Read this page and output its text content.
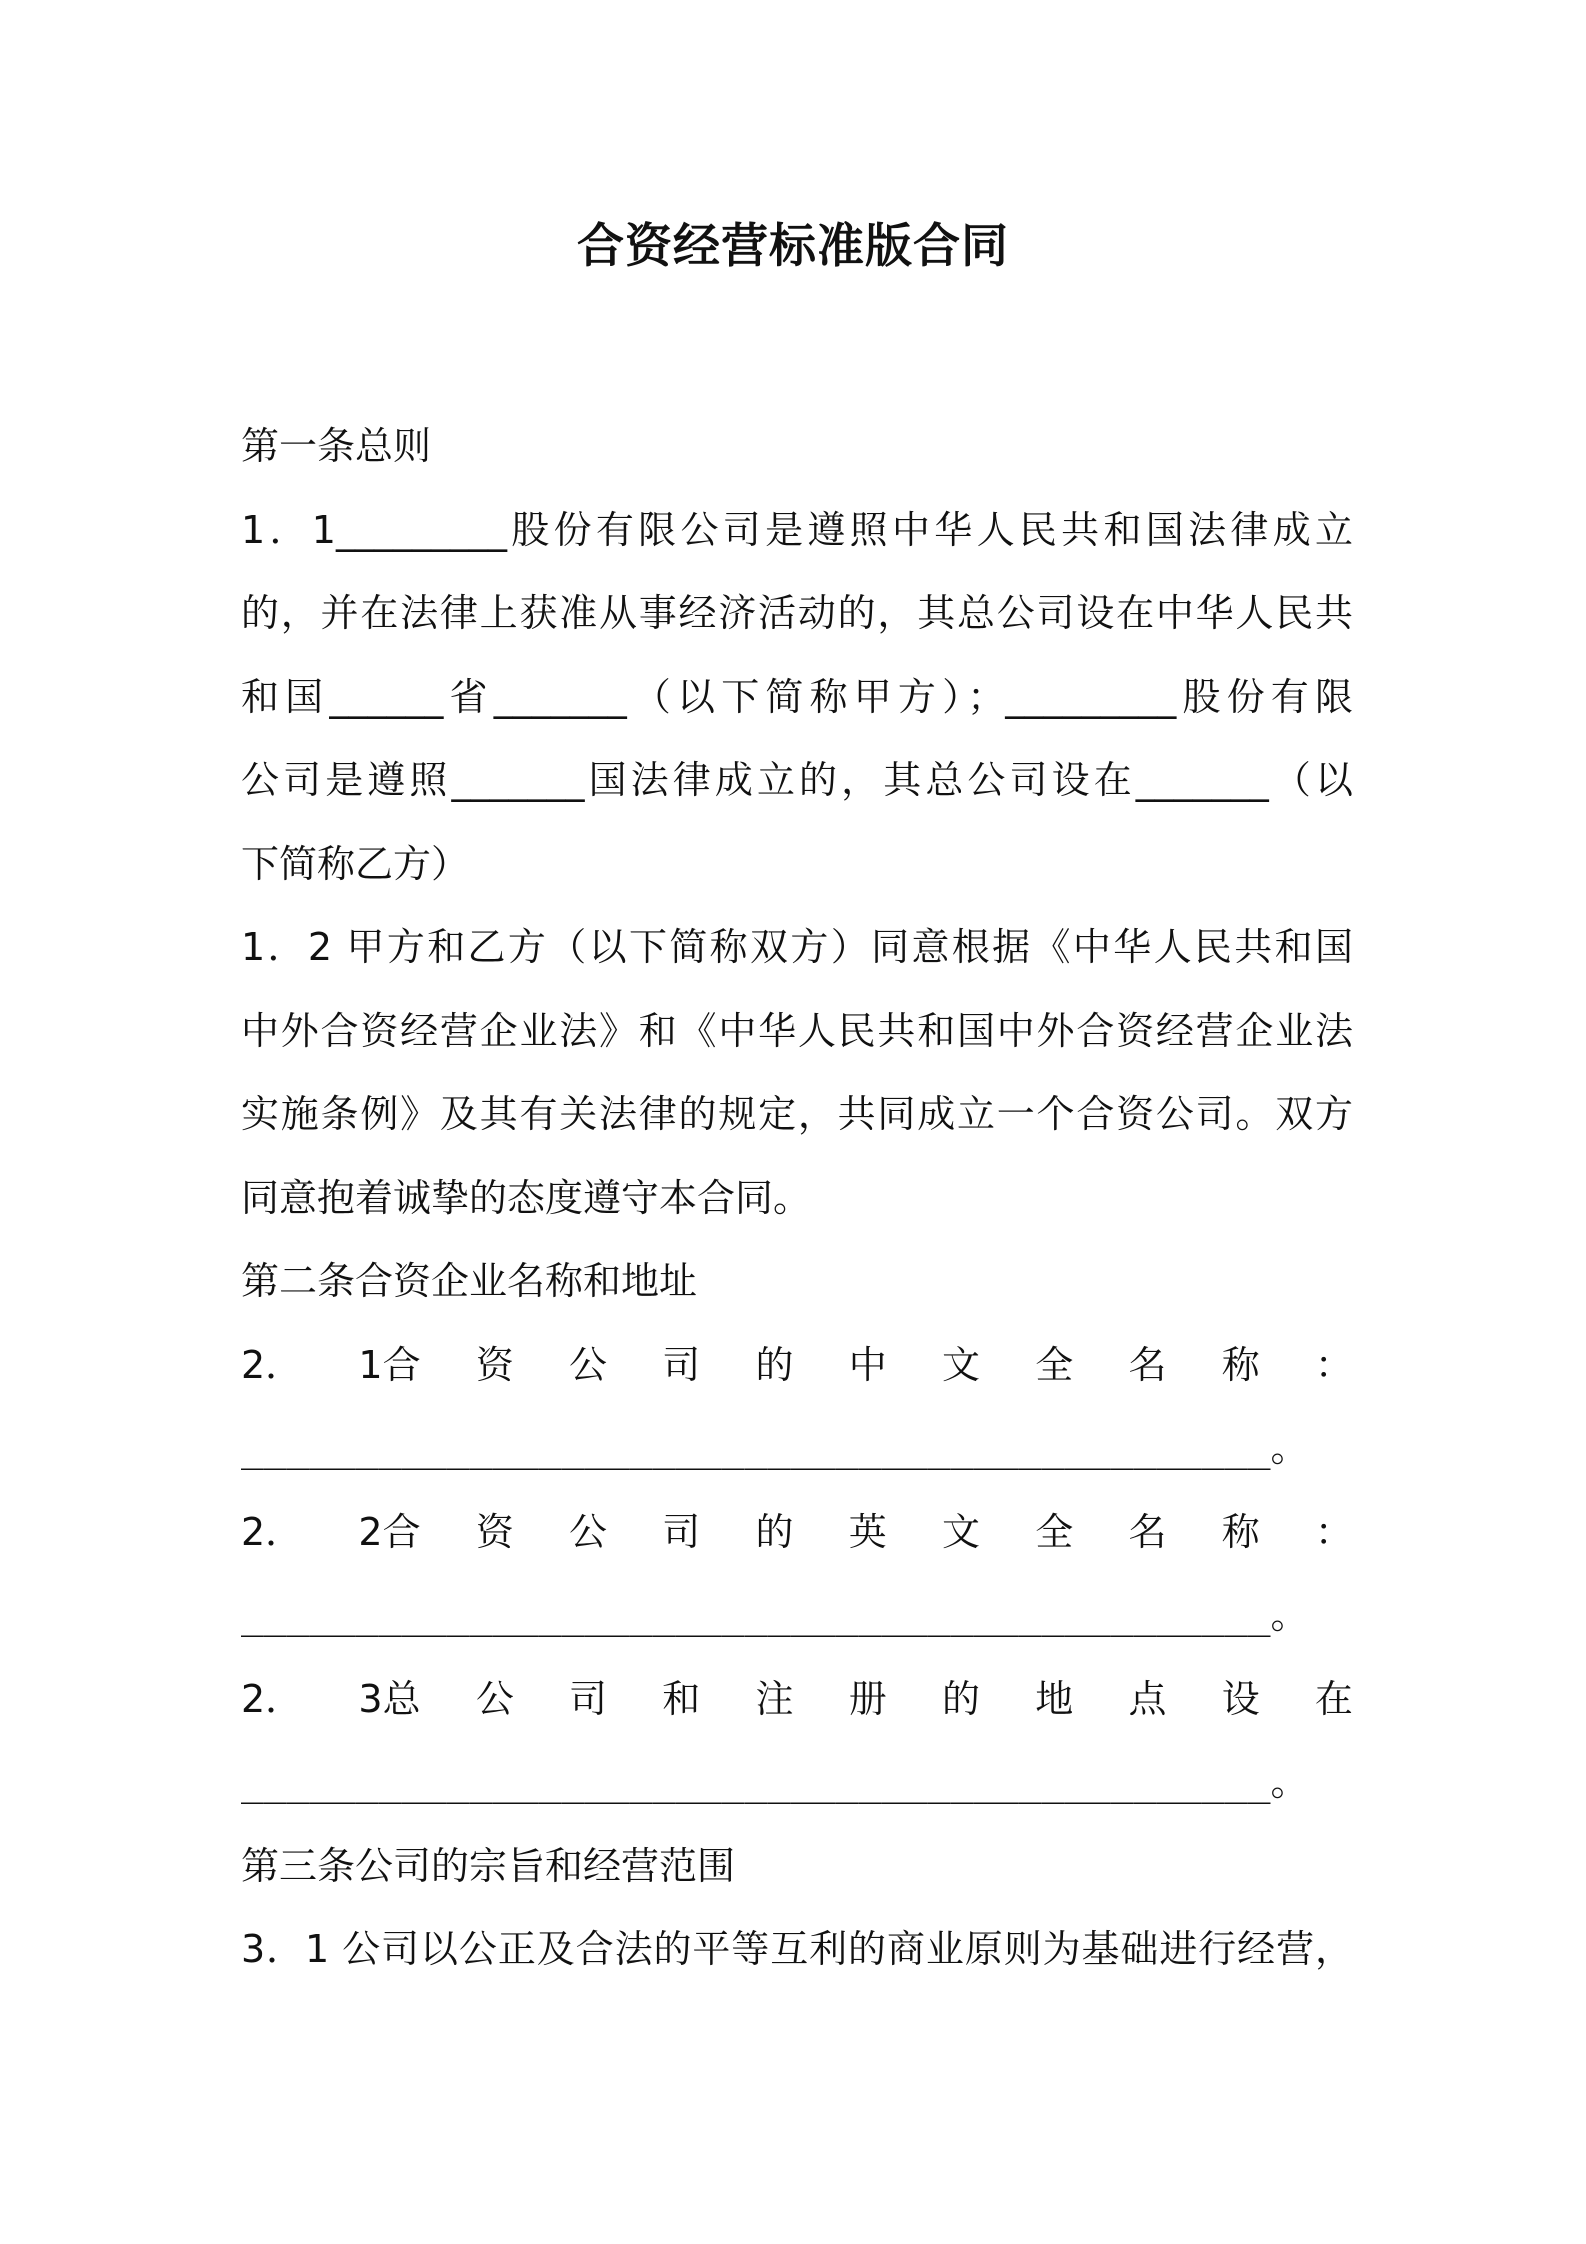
合资经营标准版合同
第一条总则
1．1_________股份有限公司是遵照中华人民共和国法律成立
的，并在法律上获准从事经济活动的，其总公司设在中华人民共
和国______省_______（以下简称甲方）；_________股份有限
公司是遵照_______国法律成立的，其总公司设在_______（以
下简称乙方）
1．2 甲方和乙方（以下简称双方）同意根据《中华人民共和国
中外合资经营企业法》和《中华人民共和国中外合资经营企业法
实施条例》及其有关法律的规定，共同成立一个合资公司。双方
同意抱着诚挚的态度遵守本合同。
第二条合资企业名称和地址
2． 1合 资 公 司 的 中 文 全 名 称 ：
_____________________________________________。
2． 2合 资 公 司 的 英 文 全 名 称 ：
_____________________________________________。
2． 3总 公 司 和 注 册 的 地 点 设 在
_____________________________________________。
第三条公司的宗旨和经营范围
3．1 公司以公正及合法的平等互利的商业原则为基础进行经营，
